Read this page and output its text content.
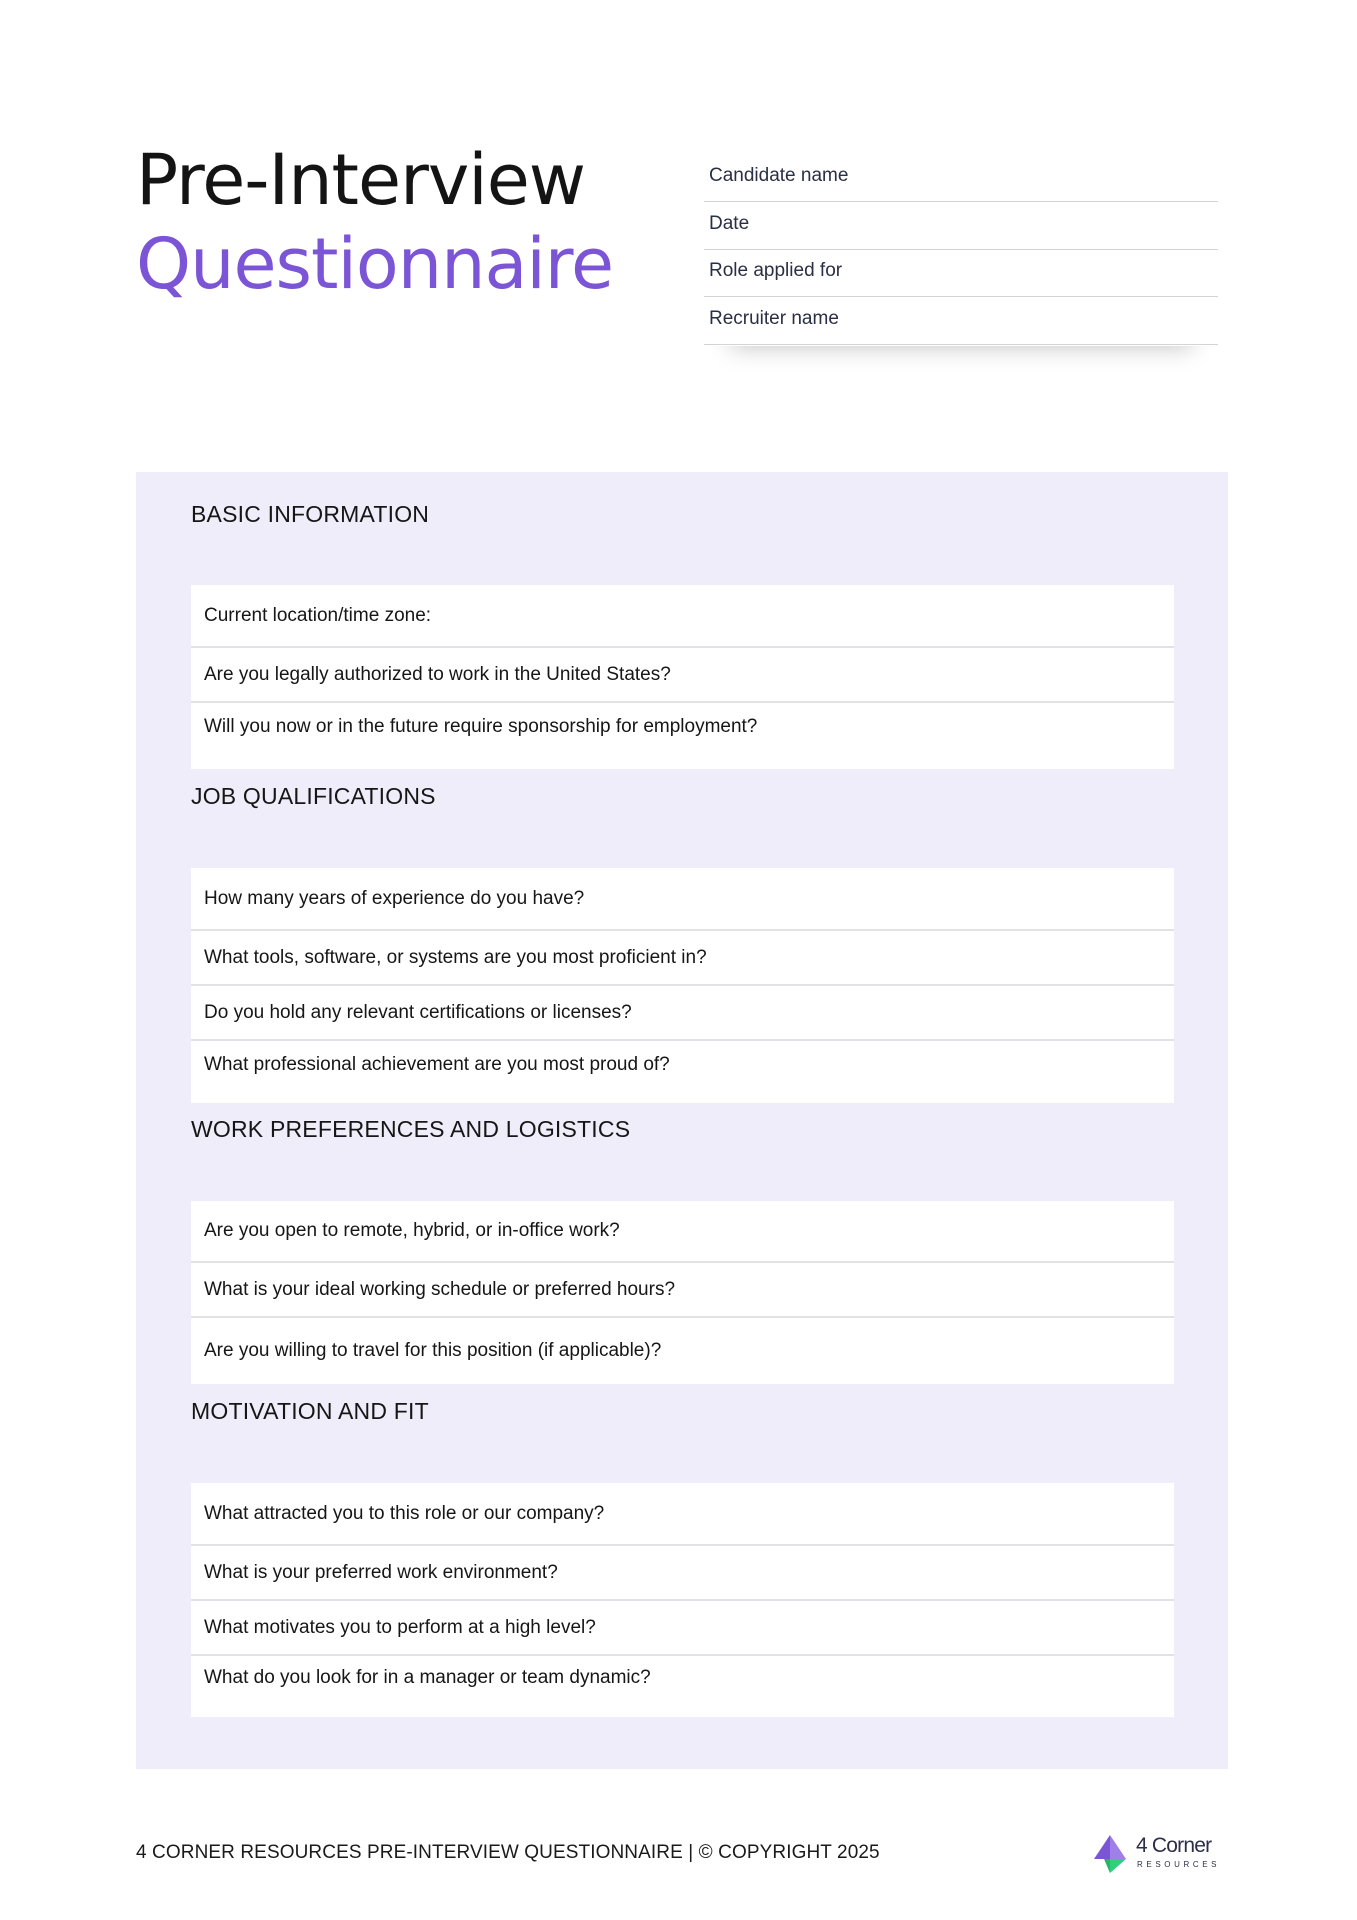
Pre-Interview
Questionnaire
Candidate name
Date
Role applied for
Recruiter name
BASIC INFORMATION
Current location/time zone:
Are you legally authorized to work in the United States?
Will you now or in the future require sponsorship for employment?
JOB QUALIFICATIONS
How many years of experience do you have?
What tools, software, or systems are you most proficient in?
Do you hold any relevant certifications or licenses?
What professional achievement are you most proud of?
WORK PREFERENCES AND LOGISTICS
Are you open to remote, hybrid, or in-office work?
What is your ideal working schedule or preferred hours?
Are you willing to travel for this position (if applicable)?
MOTIVATION AND FIT
What attracted you to this role or our company?
What is your preferred work environment?
What motivates you to perform at a high level?
What do you look for in a manager or team dynamic?
4 CORNER RESOURCES PRE-INTERVIEW QUESTIONNAIRE | © COPYRIGHT 2025	4 Corner
RESOURCES
